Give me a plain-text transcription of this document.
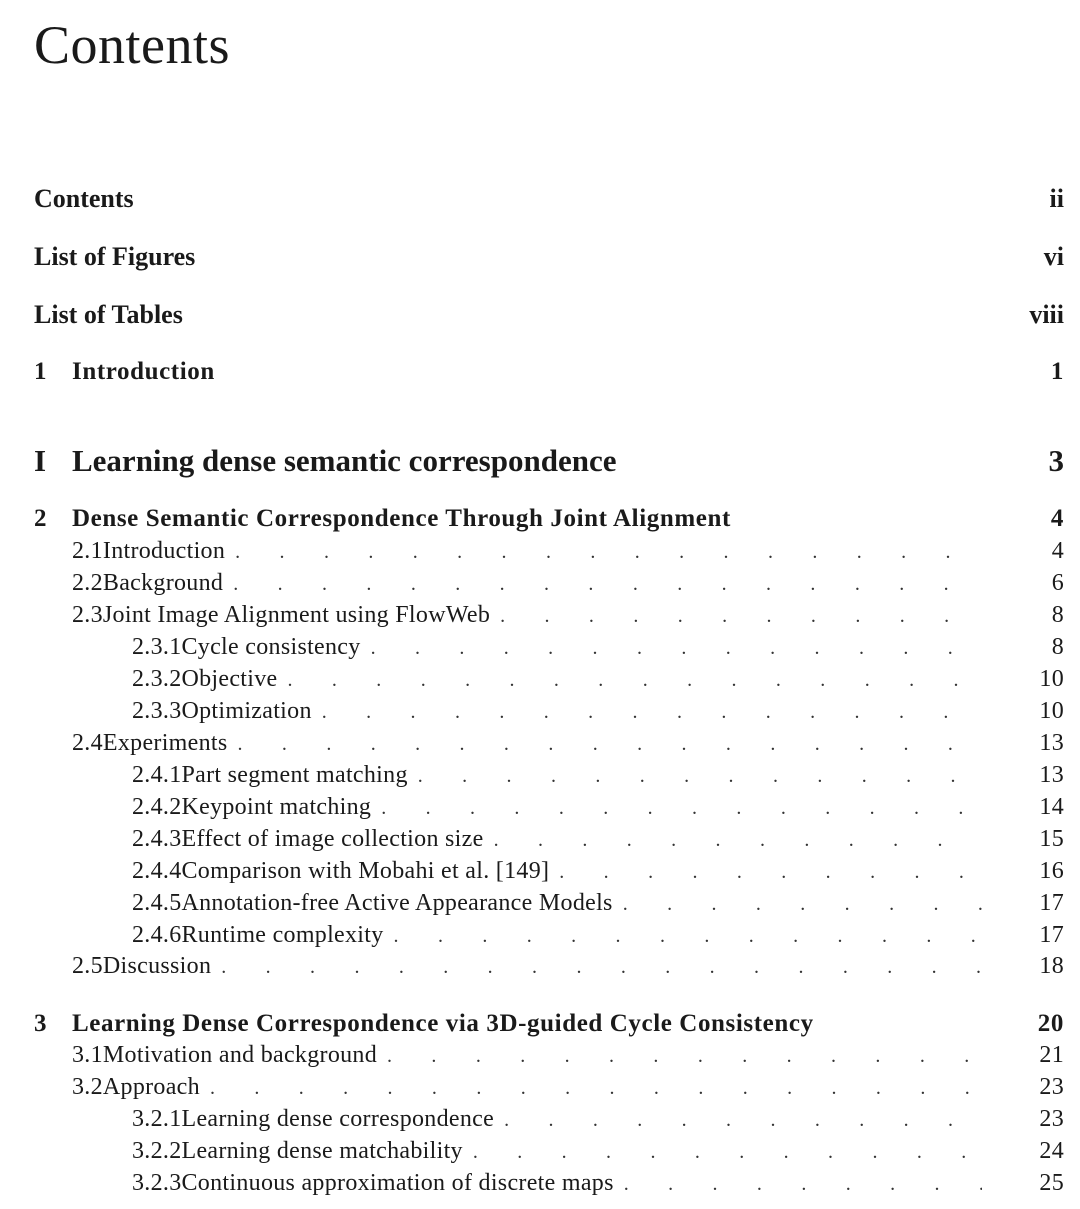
Contents
Contents	ii
List of Figures	vi
List of Tables	viii
1 Introduction	1
I Learning dense semantic correspondence	3
2 Dense Semantic Correspondence Through Joint Alignment	4
2.1 Introduction . . .	4
2.2 Background . . .	6
2.3 Joint Image Alignment using FlowWeb . . .	8
2.3.1 Cycle consistency . . .	8
2.3.2 Objective . . .	10
2.3.3 Optimization . . .	10
2.4 Experiments . . .	13
2.4.1 Part segment matching . . .	13
2.4.2 Keypoint matching . . .	14
2.4.3 Effect of image collection size . . .	15
2.4.4 Comparison with Mobahi et al. [149] . . .	16
2.4.5 Annotation-free Active Appearance Models . . .	17
2.4.6 Runtime complexity . . .	17
2.5 Discussion . . .	18
3 Learning Dense Correspondence via 3D-guided Cycle Consistency	20
3.1 Motivation and background . . .	21
3.2 Approach . . .	23
3.2.1 Learning dense correspondence . . .	23
3.2.2 Learning dense matchability . . .	24
3.2.3 Continuous approximation of discrete maps . . .	25
